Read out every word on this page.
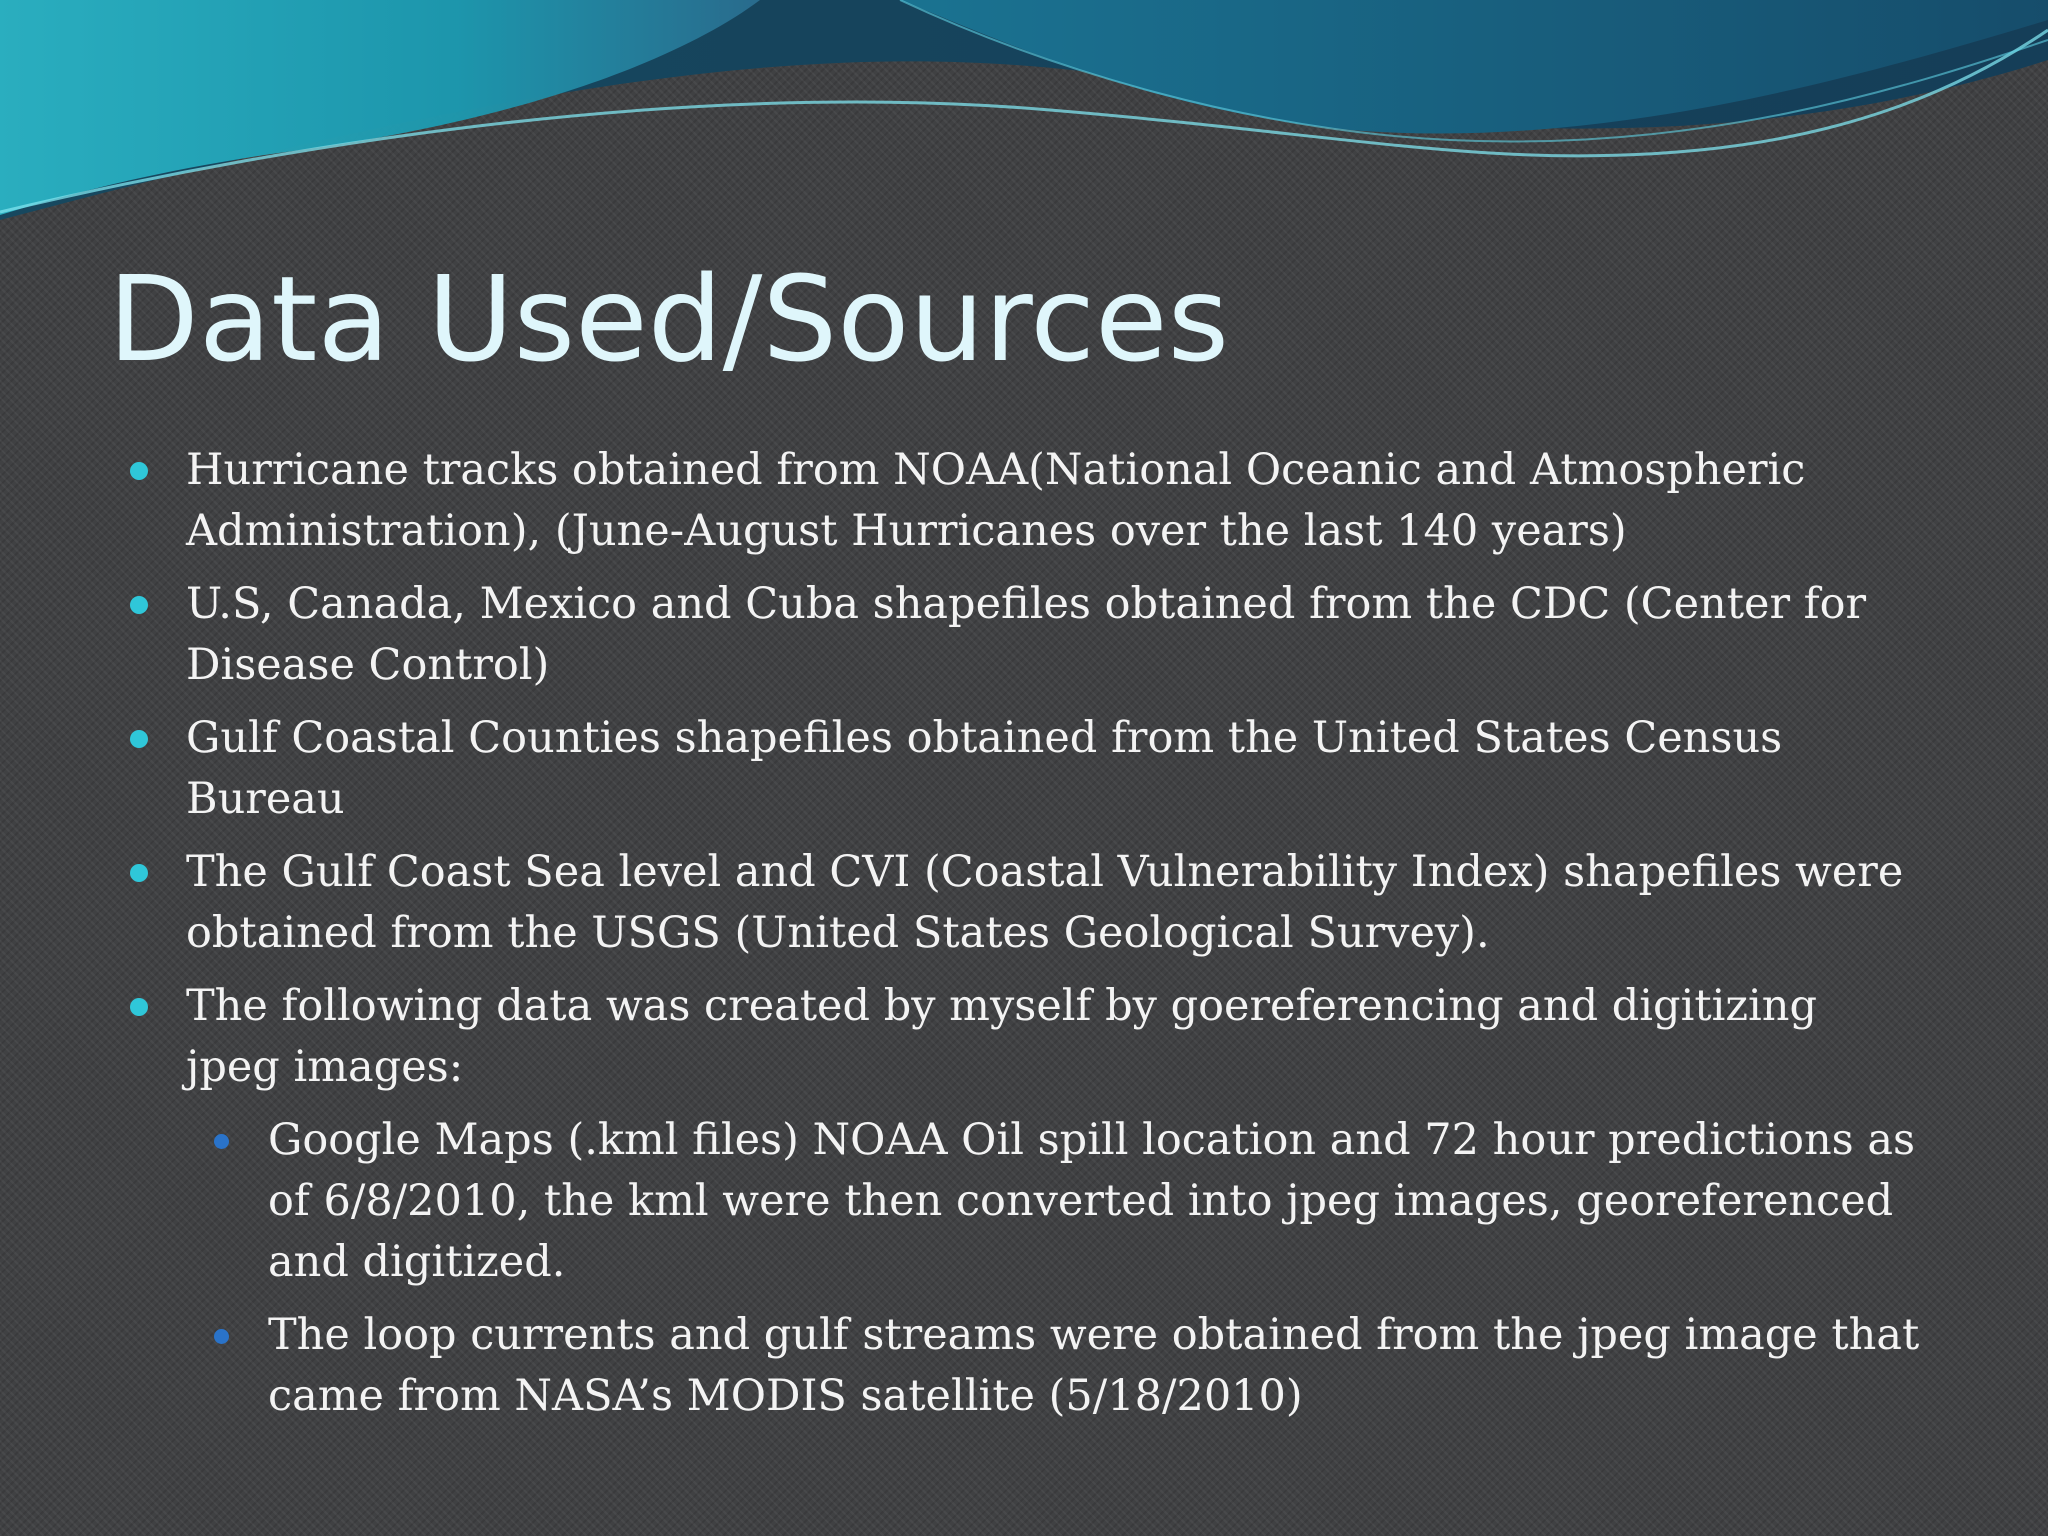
Data Used/Sources
Hurricane tracks obtained from NOAA(National Oceanic and Atmospheric Administration), (June-August Hurricanes over the last 140 years)
U.S, Canada, Mexico and Cuba shapefiles obtained from the CDC (Center for Disease Control)
Gulf Coastal Counties shapefiles obtained from the United States Census Bureau
The Gulf Coast Sea level and CVI (Coastal Vulnerability Index) shapefiles were obtained from the USGS (United States Geological Survey).
The following data was created by myself by goereferencing and digitizing jpeg images:
Google Maps (.kml files) NOAA Oil spill location and 72 hour predictions as of 6/8/2010, the kml were then converted into jpeg images, georeferenced and digitized.
The loop currents and gulf streams were obtained from the jpeg image that came from NASA’s MODIS satellite (5/18/2010)
